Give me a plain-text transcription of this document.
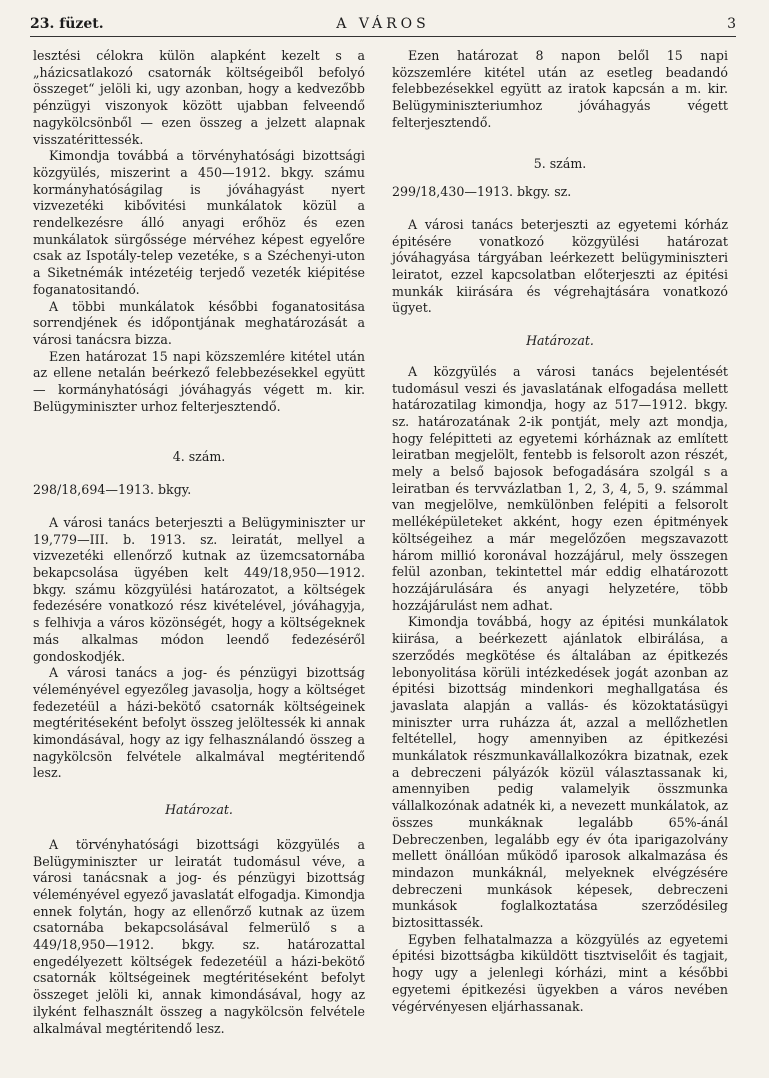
23. füzet.	A VÁROS	3

lesztési célokra külön alapként kezelt s a „házicsatlakozó csatornák költségeiből befolyó összeget“ jelöli ki, ugy azonban, hogy a kedvezőbb pénzügyi viszonyok között ujabban felveendő nagykölcsönből — ezen összeg a jelzett alapnak visszatérittessék.

Kimondja továbbá a törvényhatósági bizottsági közgyülés, miszerint a 450—1912. bkgy. számu kormányhatóságilag is jóváhagyást nyert vizvezetéki kibővitési munkálatok közül a rendelkezésre álló anyagi erőhöz és ezen munkálatok sürgőssége mérvéhez képest egyelőre csak az Ispotály-telep vezetéke, s a Széchenyi-uton a Siketnémák intézetéig terjedő vezeték kiépitése foganatositandó.

A többi munkálatok későbbi foganatositása sorrendjének és időpontjának meghatározását a városi tanácsra bizza.

Ezen határozat 15 napi közszemlére kitétel után az ellene netalán beérkező felebbezésekkel együtt — kormányhatósági jóváhagyás végett m. kir. Belügyminiszter urhoz felterjesztendő.

4. szám.

298/18,694—1913. bkgy.

A városi tanács beterjeszti a Belügyminiszter ur 19,779—III. b. 1913. sz. leiratát, mellyel a vizvezetéki ellenőrző kutnak az üzemcsatornába bekapcsolása ügyében kelt 449/18,950—1912. bkgy. számu közgyülési határozatot, a költségek fedezésére vonatkozó rész kivételével, jóváhagyja, s felhivja a város közönségét, hogy a költségeknek más alkalmas módon leendő fedezéséről gondoskodjék.

A városi tanács a jog- és pénzügyi bizottság véleményével egyezőleg javasolja, hogy a költséget fedezetéül a házi-bekötő csatornák költségeinek megtéritéseként befolyt összeg jelöltessék ki annak kimondásával, hogy az igy felhasználandó összeg a nagykölcsön felvétele alkalmával megtéritendő lesz.

Határozat.

A törvényhatósági bizottsági közgyülés a Belügyminiszter ur leiratát tudomásul véve, a városi tanácsnak a jog- és pénzügyi bizottság véleményével egyező javaslatát elfogadja. Kimondja ennek folytán, hogy az ellenőrző kutnak az üzem csatornába bekapcsolásával felmerülő s a 449/18,950—1912. bkgy. sz. határozattal engedélyezett költségek fedezetéül a házi-bekötő csatornák költségeinek megtéritéseként befolyt összeget jelöli ki, annak kimondásával, hogy az ilyként felhasznált összeg a nagykölcsön felvétele alkalmával megtéritendő lesz.

Ezen határozat 8 napon belől 15 napi közszemlére kitétel után az esetleg beadandó felebbezésekkel együtt az iratok kapcsán a m. kir. Belügyminiszteriumhoz jóváhagyás végett felterjesztendő.

5. szám.

299/18,430—1913. bkgy. sz.

A városi tanács beterjeszti az egyetemi kórház épitésére vonatkozó közgyülési határozat jóváhagyása tárgyában leérkezett belügyminiszteri leiratot, ezzel kapcsolatban előterjeszti az épitési munkák kiirására és végrehajtására vonatkozó ügyet.

Határozat.

A közgyülés a városi tanács bejelentését tudomásul veszi és javaslatának elfogadása mellett határozatilag kimondja, hogy az 517—1912. bkgy. sz. határozatának 2-ik pontját, mely azt mondja, hogy felépitteti az egyetemi kórháznak az említett leiratban megjelölt, fentebb is felsorolt azon részét, mely a belső bajosok befogadására szolgál s a leiratban és tervvázlatban 1, 2, 3, 4, 5, 9. számmal van megjelölve, nemkülönben felépiti a felsorolt melléképületeket akként, hogy ezen épitmények költségeihez a már megelőzően megszavazott három millió koronával hozzájárul, mely összegen felül azonban, tekintettel már eddig elhatározott hozzájárulására és anyagi helyzetére, több hozzájárulást nem adhat.

Kimondja továbbá, hogy az épitési munkálatok kiirása, a beérkezett ajánlatok elbirálása, a szerződés megkötése és általában az épitkezés lebonyolitása körüli intézkedések jogát azonban az épitési bizottság mindenkori meghallgatása és javaslata alapján a vallás- és közoktatásügyi miniszter urra ruházza át, azzal a mellőzhetlen feltétellel, hogy amennyiben az épitkezési munkálatok részmunkavállalkozókra bizatnak, ezek a debreczeni pályázók közül választassanak ki, amennyiben pedig valamelyik összmunka vállalkozónak adatnék ki, a nevezett munkálatok, az összes munkáknak legalább 65%-ánál Debreczenben, legalább egy év óta iparigazolvány mellett önállóan működő iparosok alkalmazása és mindazon munkáknál, melyeknek elvégzésére debreczeni munkások képesek, debreczeni munkások foglalkoztatása szerződésileg biztosittassék.

Egyben felhatalmazza a közgyülés az egyetemi épitési bizottságba kiküldött tisztviselőit és tagjait, hogy ugy a jelenlegi kórházi, mint a későbbi egyetemi épitkezési ügyekben a város nevében végérvényesen eljárhassanak.
